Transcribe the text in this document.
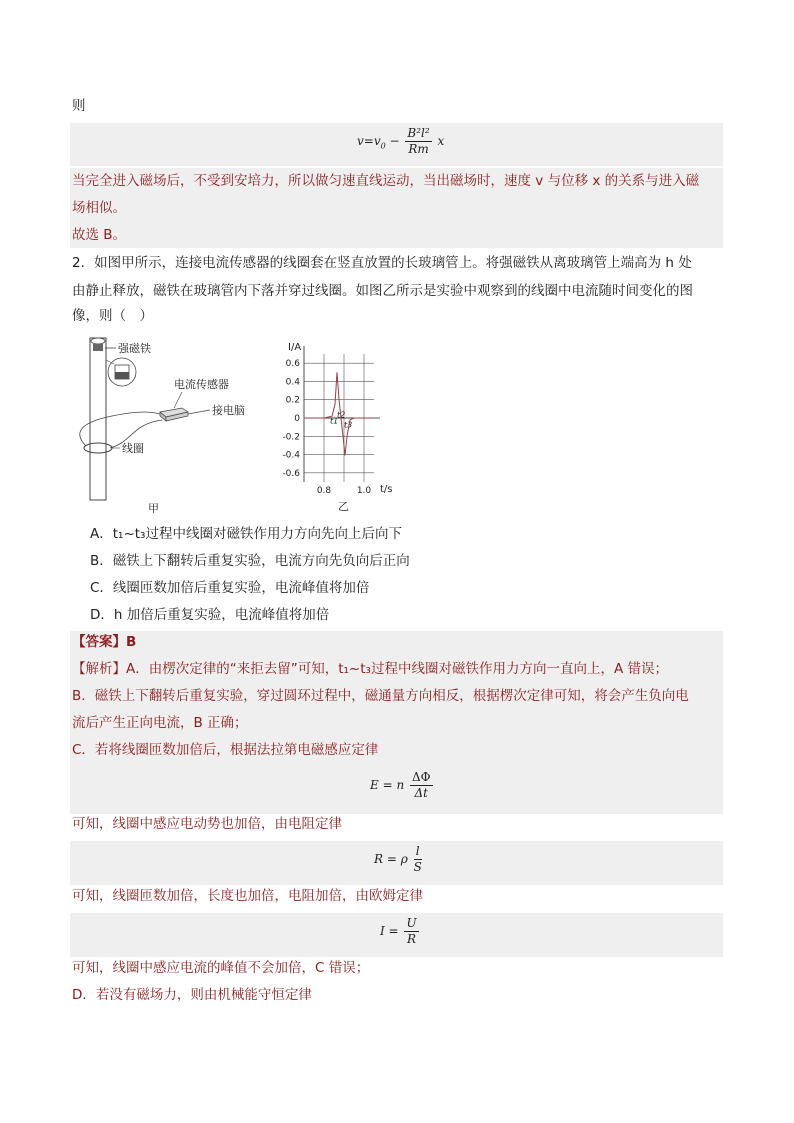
则
$v=v_0 - \frac{\text{B²l²}}{Rm}$ x
当完全进入磁场后，不受到安培力，所以做匀速直线运动，当出磁场时，速度 v 与位移 x 的关系与进入磁
场相似。
故选 B。
2．如图甲所示，连接电流传感器的线圈套在竖直放置的长玻璃管上。将强磁铁从离玻璃管上端高为 h 处
由静止释放，磁铁在玻璃管内下落并穿过线圈。如图乙所示是实验中观察到的线圈中电流随时间变化的图
像，则（　）
强磁铁
电流传感器
接电脑
线圈
甲
0.6
0.4
0.2
0
-0.2
-0.4
-0.6
0.8	1.0
t1
t2
t3
I/A
t/s
乙
A．t₁~t₃过程中线圈对磁铁作用力方向先向上后向下
B．磁铁上下翻转后重复实验，电流方向先负向后正向
C．线圈匝数加倍后重复实验，电流峰值将加倍
D．h 加倍后重复实验，电流峰值将加倍
【答案】B
【解析】A．由楞次定律的“来拒去留”可知，t₁~t₃过程中线圈对磁铁作用力方向一直向上，A 错误；
B．磁铁上下翻转后重复实验，穿过圆环过程中，磁通量方向相反，根据楞次定律可知，将会产生负向电
流后产生正向电流，B 正确；
C．若将线圈匝数加倍后，根据法拉第电磁感应定律
E = n $\frac{\Delta\Phi}{\Delta t}$
可知，线圈中感应电动势也加倍，由电阻定律
R = ρ $\frac{l}{S}$
可知，线圈匝数加倍，长度也加倍，电阻加倍，由欧姆定律
$I = \frac{U}{R}$
可知，线圈中感应电流的峰值不会加倍，C 错误；
D．若没有磁场力，则由机械能守恒定律
